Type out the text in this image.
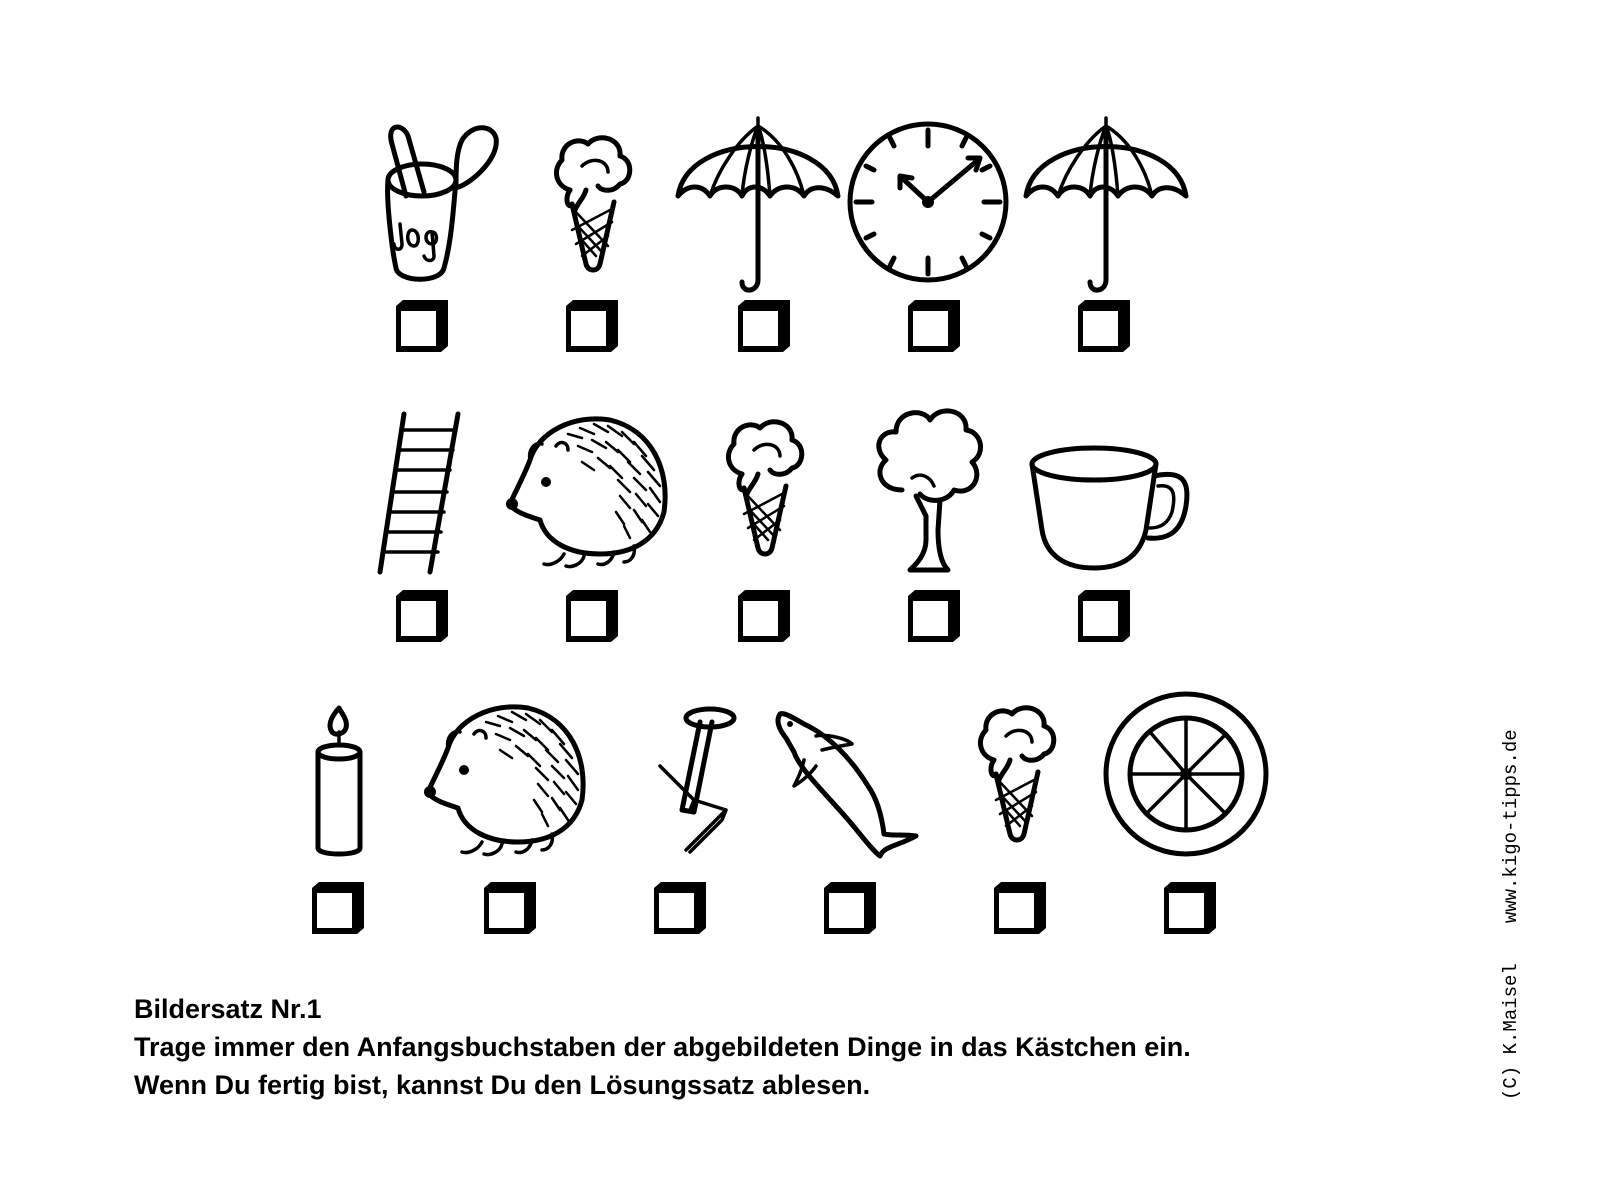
Bildersatz Nr.1
Trage immer den Anfangsbuchstaben der abgebildeten Dinge in das Kästchen ein.
Wenn Du fertig bist, kannst Du den Lösungssatz ablesen.	(C) K.Maiselwww.kigo-tipps.de
